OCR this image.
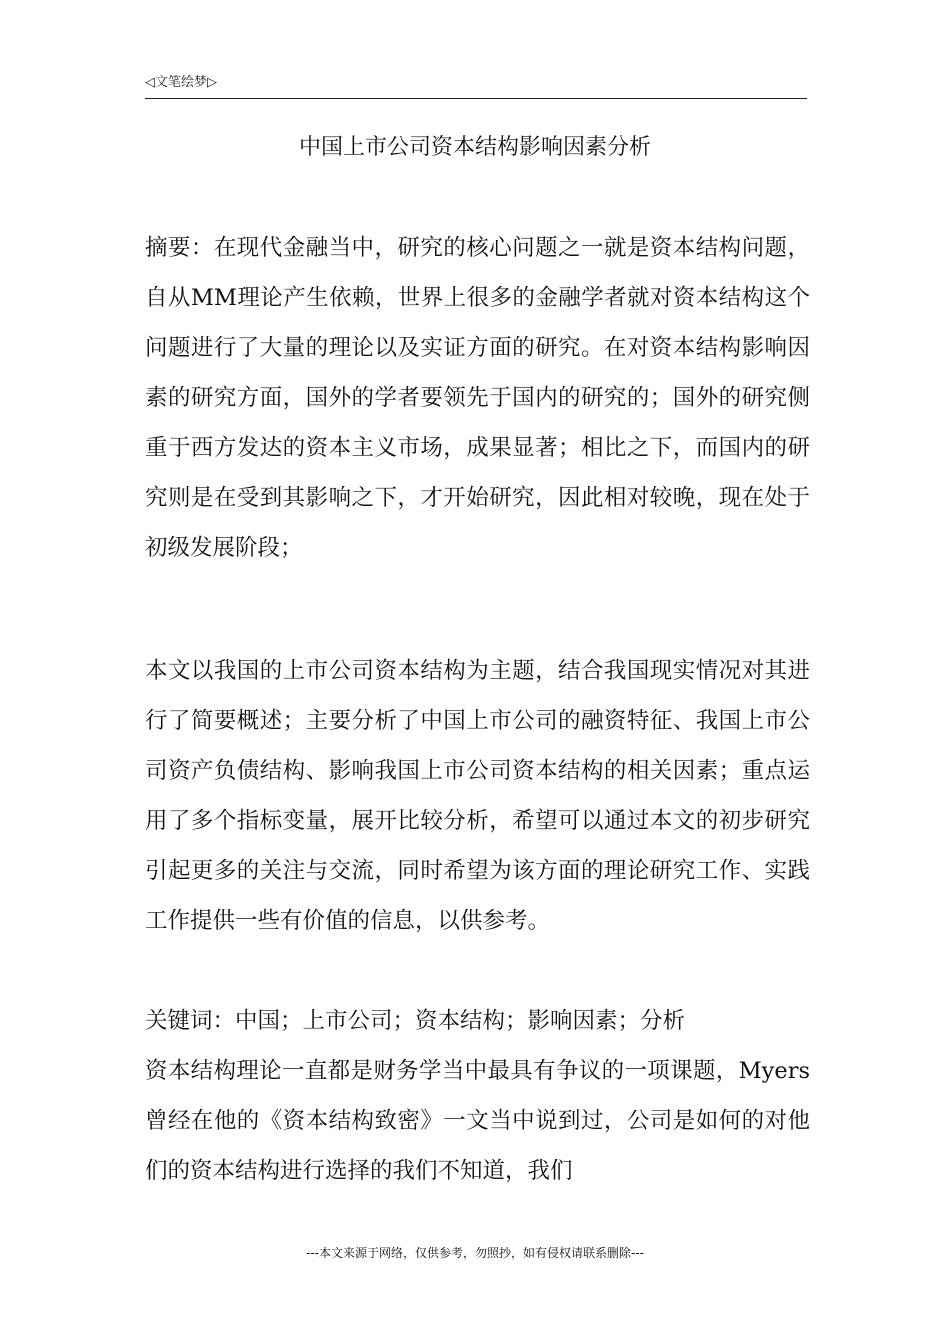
◁文笔绘梦▷
中国上市公司资本结构影响因素分析

摘要：在现代金融当中，研究的核心问题之一就是资本结构问题，自从MM理论产生依赖，世界上很多的金融学者就对资本结构这个问题进行了大量的理论以及实证方面的研究。在对资本结构影响因素的研究方面，国外的学者要领先于国内的研究的；国外的研究侧重于西方发达的资本主义市场，成果显著；相比之下，而国内的研究则是在受到其影响之下，才开始研究，因此相对较晚，现在处于初级发展阶段；

本文以我国的上市公司资本结构为主题，结合我国现实情况对其进行了简要概述；主要分析了中国上市公司的融资特征、我国上市公司资产负债结构、影响我国上市公司资本结构的相关因素；重点运用了多个指标变量，展开比较分析，希望可以通过本文的初步研究引起更多的关注与交流，同时希望为该方面的理论研究工作、实践工作提供一些有价值的信息，以供参考。

关键词：中国；上市公司；资本结构；影响因素；分析

资本结构理论一直都是财务学当中最具有争议的一项课题，Myers曾经在他的《资本结构致密》一文当中说到过，公司是如何的对他们的资本结构进行选择的我们不知道，我们

---本文来源于网络，仅供参考，勿照抄，如有侵权请联系删除---
